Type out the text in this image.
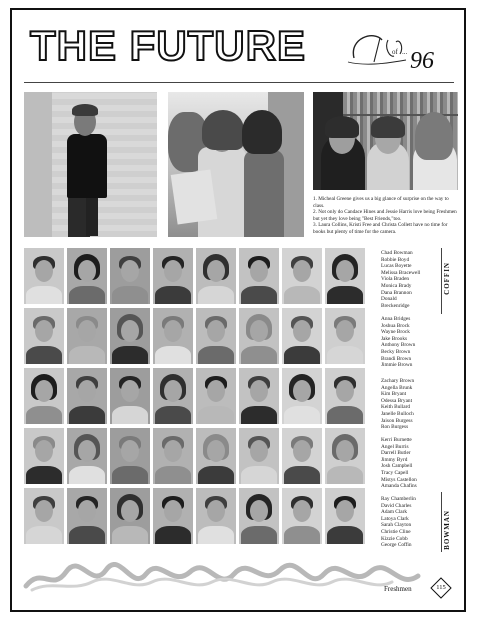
THE FUTURE	of ... 96

1. Micheal Greene gives us a big glance of surprise on the way to class.

2. Not only do Candace Hines and Jessie Harris love being Freshmen but yet they love being "Best Friends,"too.

3. Laura Collins, Kristi Free and Christa Collett have no time for books but plenty of time for the camera.

Chad Bowman
Robbie Boyd
Lucas Boyette
Melissa Bracewell
Viola Braden
Monica Brady
Dana Brannon
Donald
Breckenridge
Anna Bridges
Joshua Brock
Wayne Brock
Jake Brooks
Anthony Brown
Becky Brown
Brandi Brown
Jimmie Brown
Zachary Brown
Angella Brunk
Kim Bryant
Odessa Bryant
Keith Bullard
Janelle Bulloch
Jaison Burgess
Ron Burgess
Kerri Burnette
Angel Burris
Darrell Butler
Jimmy Byrd
Josh Campbell
Tracy Capell
Mistys Castellon
Amanda Chafins
Ray Chamberlin
David Charles
Adam Clark
Latoya Clark
Sarah Clayton
Christie Cline
Kizzie Cobb
George Coffin
COFFIN
BOWMAN
Freshmen	115
